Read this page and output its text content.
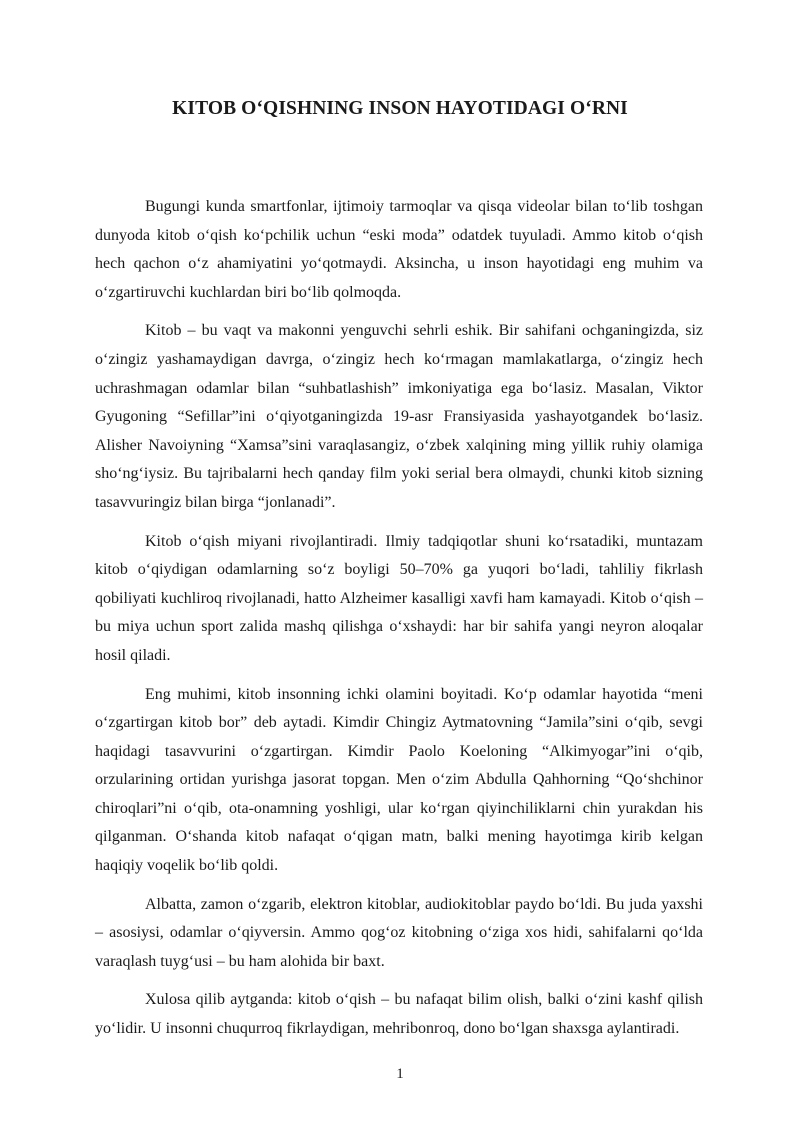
KITOB O‘QISHNING INSON HAYOTIDAGI O‘RNI

Bugungi kunda smartfonlar, ijtimoiy tarmoqlar va qisqa videolar bilan to‘lib toshgan dunyoda kitob o‘qish ko‘pchilik uchun “eski moda” odatdek tuyuladi. Ammo kitob o‘qish hech qachon o‘z ahamiyatini yo‘qotmaydi. Aksincha, u inson hayotidagi eng muhim va o‘zgartiruvchi kuchlardan biri bo‘lib qolmoqda.

Kitob – bu vaqt va makonni yenguvchi sehrli eshik. Bir sahifani ochganingizda, siz o‘zingiz yashamaydigan davrga, o‘zingiz hech ko‘rmagan mamlakatlarga, o‘zingiz hech uchrashmagan odamlar bilan “suhbatlashish” imkoniyatiga ega bo‘lasiz. Masalan, Viktor Gyugoning “Sefillar”ini o‘qiyotganingizda 19-asr Fransiyasida yashayotgandek bo‘lasiz. Alisher Navoiyning “Xamsa”sini varaqlasangiz, o‘zbek xalqining ming yillik ruhiy olamiga sho‘ng‘iysiz. Bu tajribalarni hech qanday film yoki serial bera olmaydi, chunki kitob sizning tasavvuringiz bilan birga “jonlanadi”.

Kitob o‘qish miyani rivojlantiradi. Ilmiy tadqiqotlar shuni ko‘rsatadiki, muntazam kitob o‘qiydigan odamlarning so‘z boyligi 50–70% ga yuqori bo‘ladi, tahliliy fikrlash qobiliyati kuchliroq rivojlanadi, hatto Alzheimer kasalligi xavfi ham kamayadi. Kitob o‘qish – bu miya uchun sport zalida mashq qilishga o‘xshaydi: har bir sahifa yangi neyron aloqalar hosil qiladi.

Eng muhimi, kitob insonning ichki olamini boyitadi. Ko‘p odamlar hayotida “meni o‘zgartirgan kitob bor” deb aytadi. Kimdir Chingiz Aytmatovning “Jamila”sini o‘qib, sevgi haqidagi tasavvurini o‘zgartirgan. Kimdir Paolo Koeloning “Alkimyogar”ini o‘qib, orzularining ortidan yurishga jasorat topgan. Men o‘zim Abdulla Qahhorning “Qo‘shchinor chiroqlari”ni o‘qib, ota-onamning yoshligi, ular ko‘rgan qiyinchiliklarni chin yurakdan his qilganman. O‘shanda kitob nafaqat o‘qigan matn, balki mening hayotimga kirib kelgan haqiqiy voqelik bo‘lib qoldi.

Albatta, zamon o‘zgarib, elektron kitoblar, audiokitoblar paydo bo‘ldi. Bu juda yaxshi – asosiysi, odamlar o‘qiyversin. Ammo qog‘oz kitobning o‘ziga xos hidi, sahifalarni qo‘lda varaqlash tuyg‘usi – bu ham alohida bir baxt.

Xulosa qilib aytganda: kitob o‘qish – bu nafaqat bilim olish, balki o‘zini kashf qilish yo‘lidir. U insonni chuqurroq fikrlaydigan, mehribonroq, dono bo‘lgan shaxsga aylantiradi.

1
